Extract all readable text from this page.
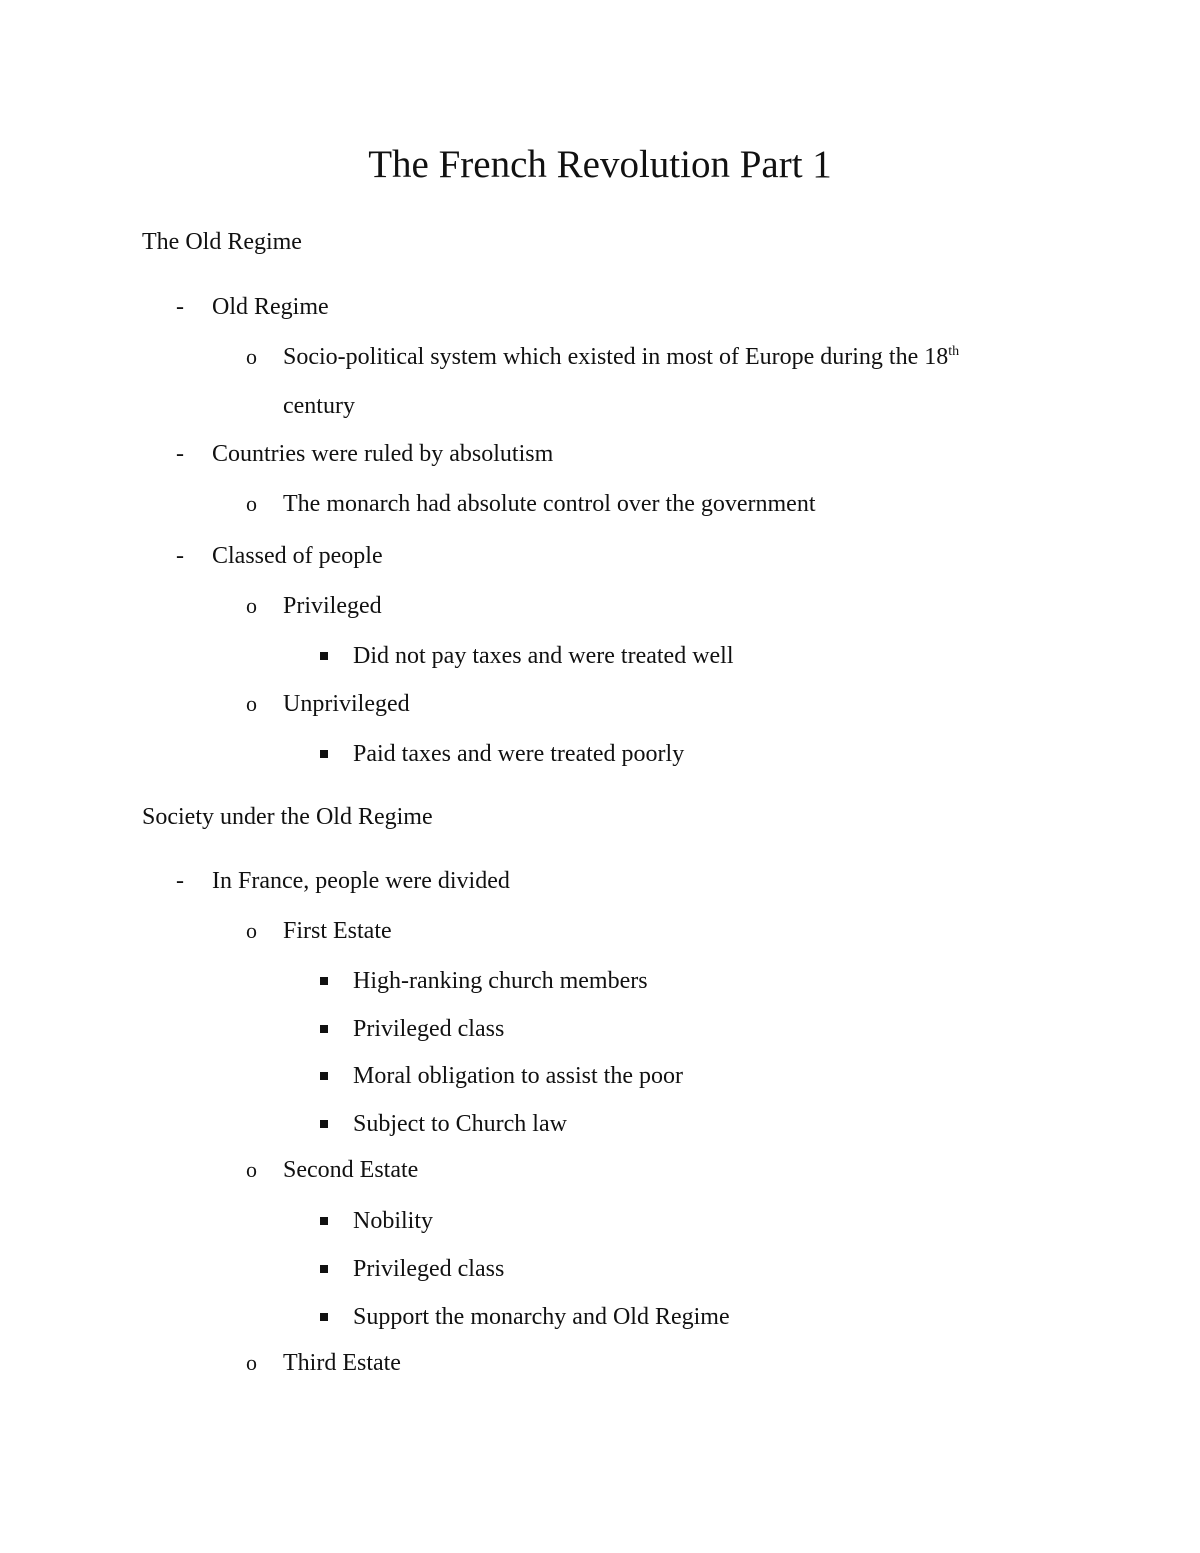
The French Revolution Part 1
The Old Regime
- Old Regime
o Socio-political system which existed in most of Europe during the 18th
century
- Countries were ruled by absolutism
o The monarch had absolute control over the government
- Classed of people
o Privileged
Did not pay taxes and were treated well
o Unprivileged
Paid taxes and were treated poorly
Society under the Old Regime
- In France, people were divided
o First Estate
High-ranking church members
Privileged class
Moral obligation to assist the poor
Subject to Church law
o Second Estate
Nobility
Privileged class
Support the monarchy and Old Regime
o Third Estate
